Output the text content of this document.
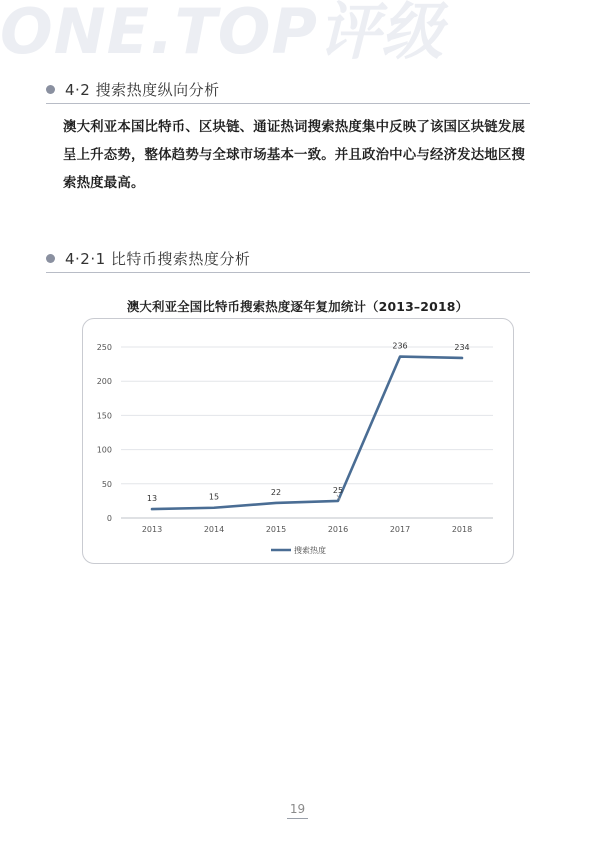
ONE.TOP评级
4·2 搜索热度纵向分析
澳大利亚本国比特币、区块链、通证热词搜索热度集中反映了该国区块链发展呈上升态势，整体趋势与全球市场基本一致。并且政治中心与经济发达地区搜索热度最高。
4·2·1 比特币搜索热度分析
澳大利亚全国比特币搜索热度逐年复加统计（2013–2018）
0
50
100
150
200
250
2013	2014	2015	2016	2017	2018
13	15
22	25
236	234
搜索热度
19
